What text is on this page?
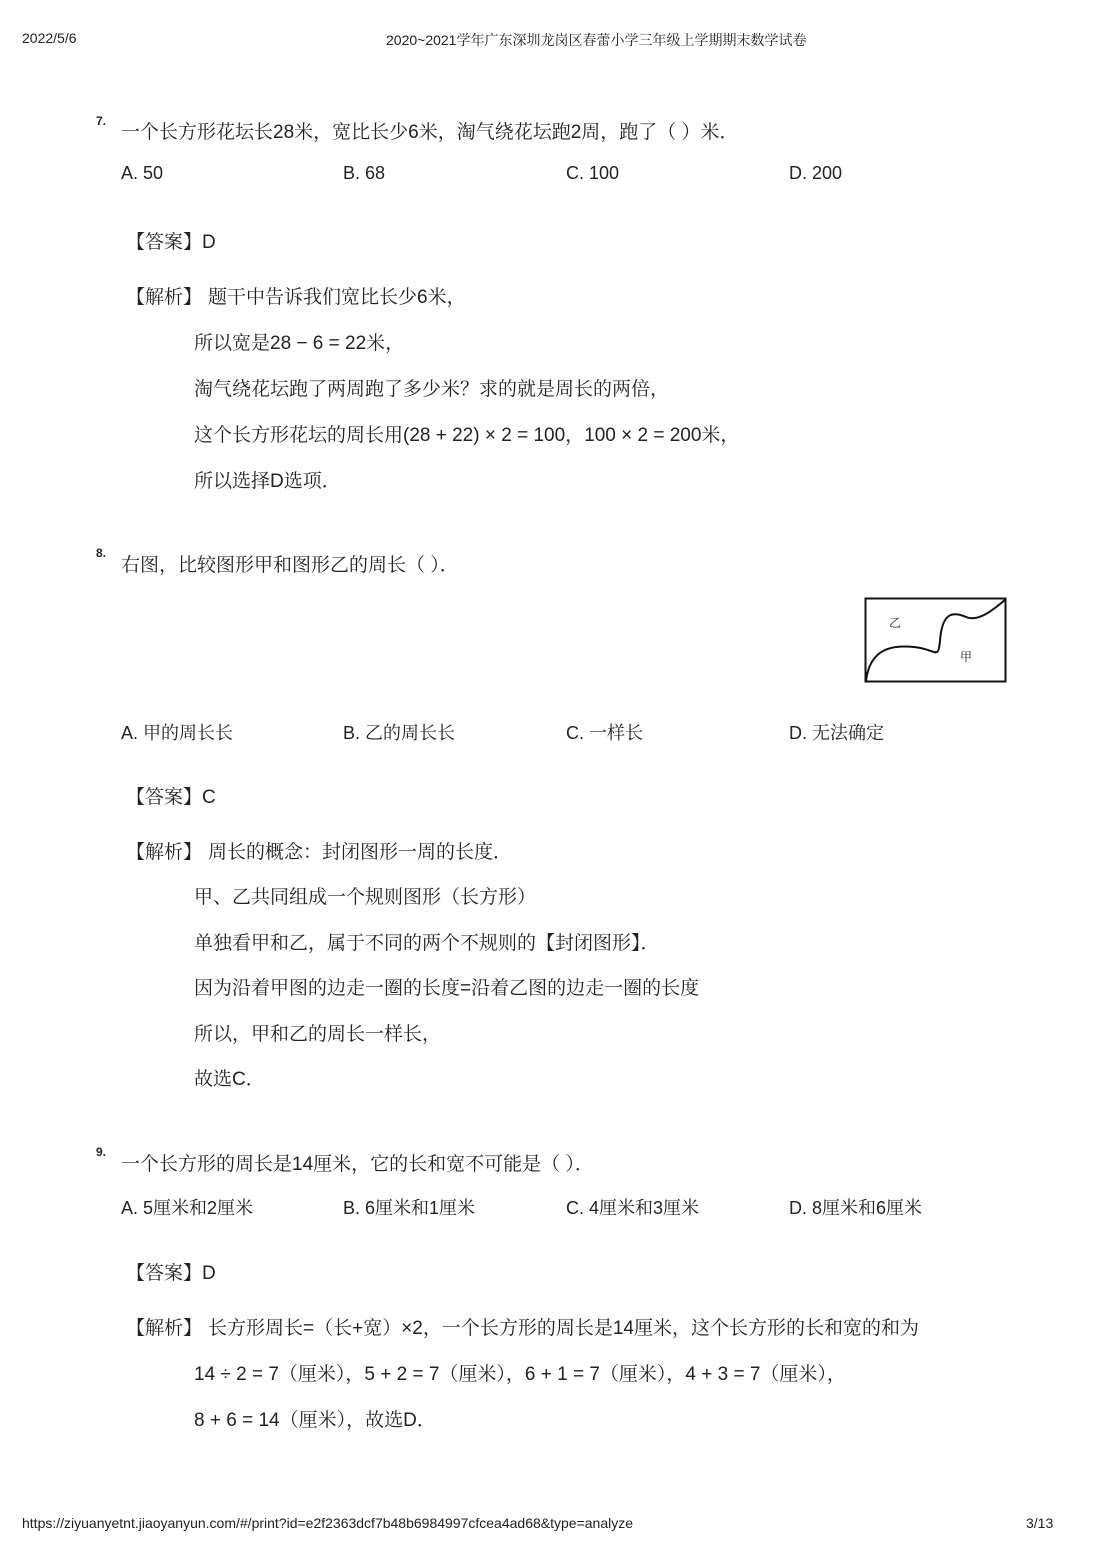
2022/5/6	2020~2021学年广东深圳龙岗区春蕾小学三年级上学期期末数学试卷
7.
一个长方形花坛长28米，宽比长少6米，淘气绕花坛跑2周，跑了（ ）米．
A. 50	B. 68	C. 100	D. 200
【答案】D
【解析】 题干中告诉我们宽比长少6米，
所以宽是28 − 6 = 22米，
淘气绕花坛跑了两周跑了多少米？求的就是周长的两倍，
这个长方形花坛的周长用(28 + 22) × 2 = 100，100 × 2 = 200米，
所以选择D选项．
8.
右图，比较图形甲和图形乙的周长（ ）．
乙
甲
A. 甲的周长长	B. 乙的周长长	C. 一样长	D. 无法确定
【答案】C
【解析】 周长的概念：封闭图形一周的长度．
甲、乙共同组成一个规则图形（长方形）
单独看甲和乙，属于不同的两个不规则的【封闭图形】．
因为沿着甲图的边走一圈的长度=沿着乙图的边走一圈的长度
所以，甲和乙的周长一样长，
故选C．
9.
一个长方形的周长是14厘米，它的长和宽不可能是（ ）．
A. 5厘米和2厘米	B. 6厘米和1厘米	C. 4厘米和3厘米	D. 8厘米和6厘米
【答案】D
【解析】 长方形周长=（长+宽）×2，一个长方形的周长是14厘米，这个长方形的长和宽的和为
14 ÷ 2 = 7（厘米），5 + 2 = 7（厘米），6 + 1 = 7（厘米），4 + 3 = 7（厘米），
8 + 6 = 14（厘米），故选D．
https://ziyuanyetnt.jiaoyanyun.com/#/print?id=e2f2363dcf7b48b6984997cfcea4ad68&type=analyze	3/13
